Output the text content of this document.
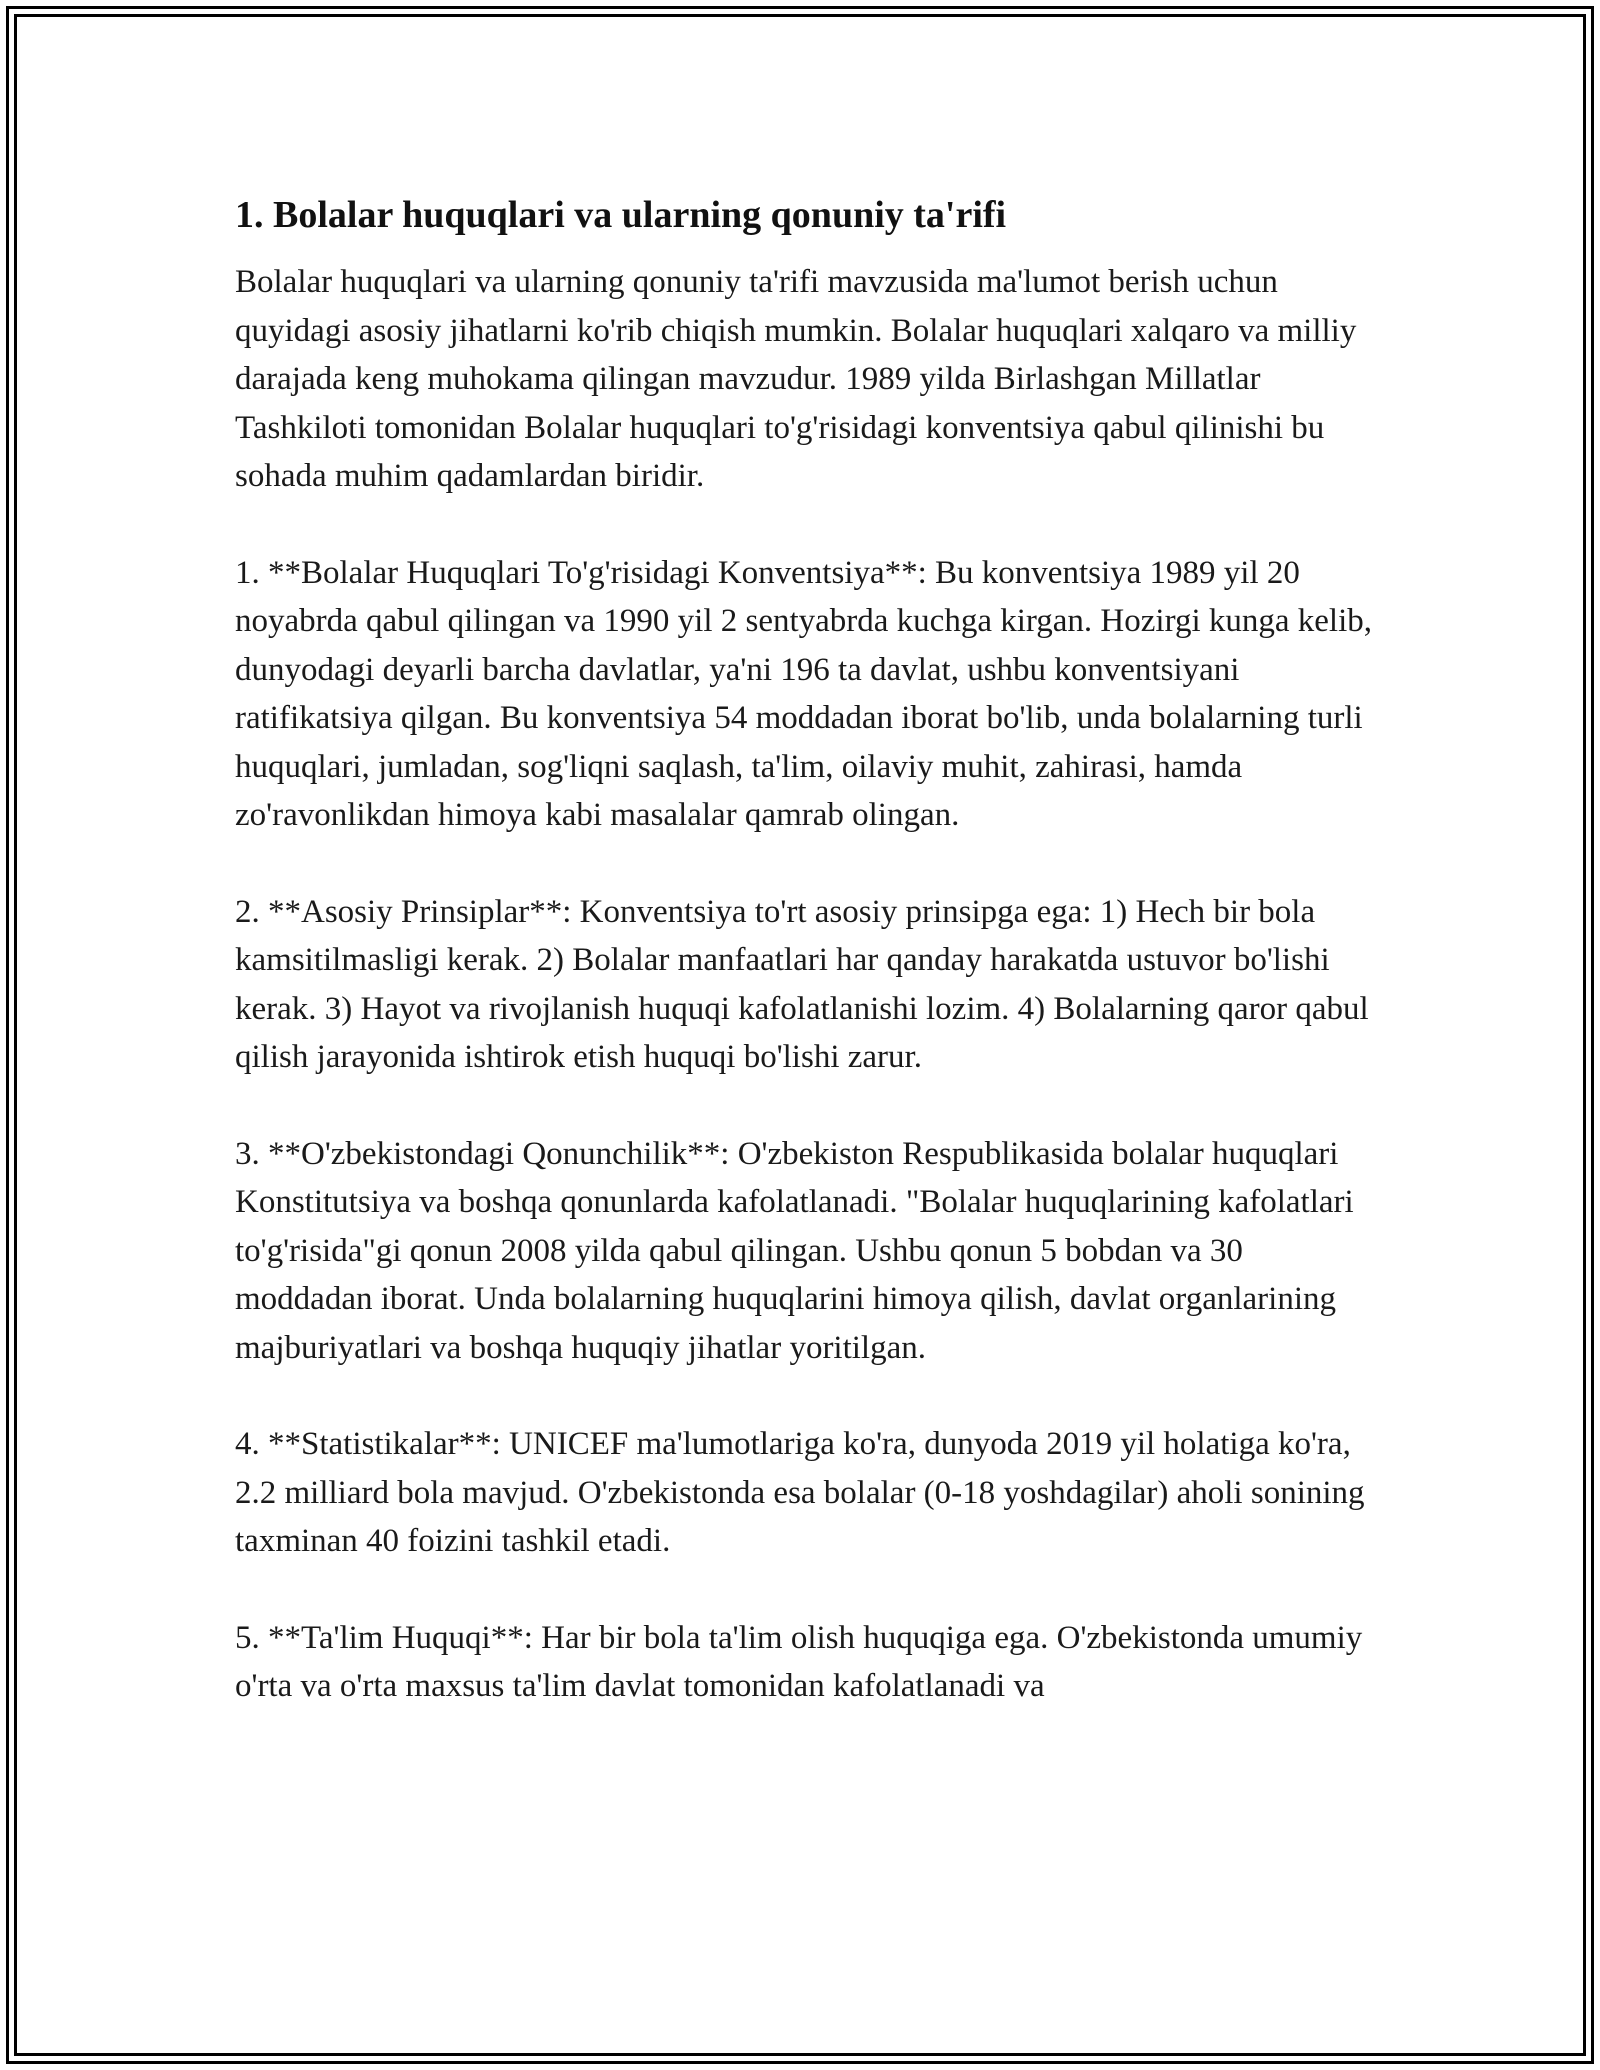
1. Bolalar huquqlari va ularning qonuniy ta'rifi

Bolalar huquqlari va ularning qonuniy ta'rifi mavzusida ma'lumot berish uchun quyidagi asosiy jihatlarni ko'rib chiqish mumkin. Bolalar huquqlari xalqaro va milliy darajada keng muhokama qilingan mavzudur. 1989 yilda Birlashgan Millatlar Tashkiloti tomonidan Bolalar huquqlari to'g'risidagi konventsiya qabul qilinishi bu sohada muhim qadamlardan biridir.

1. **Bolalar Huquqlari To'g'risidagi Konventsiya**: Bu konventsiya 1989 yil 20 noyabrda qabul qilingan va 1990 yil 2 sentyabrda kuchga kirgan. Hozirgi kunga kelib, dunyodagi deyarli barcha davlatlar, ya'ni 196 ta davlat, ushbu konventsiyani ratifikatsiya qilgan. Bu konventsiya 54 moddadan iborat bo'lib, unda bolalarning turli huquqlari, jumladan, sog'liqni saqlash, ta'lim, oilaviy muhit, zahirasi, hamda zo'ravonlikdan himoya kabi masalalar qamrab olingan.

2. **Asosiy Prinsiplar**: Konventsiya to'rt asosiy prinsipga ega: 1) Hech bir bola kamsitilmasligi kerak. 2) Bolalar manfaatlari har qanday harakatda ustuvor bo'lishi kerak. 3) Hayot va rivojlanish huquqi kafolatlanishi lozim. 4) Bolalarning qaror qabul qilish jarayonida ishtirok etish huquqi bo'lishi zarur.

3. **O'zbekistondagi Qonunchilik**: O'zbekiston Respublikasida bolalar huquqlari Konstitutsiya va boshqa qonunlarda kafolatlanadi. "Bolalar huquqlarining kafolatlari to'g'risida"gi qonun 2008 yilda qabul qilingan. Ushbu qonun 5 bobdan va 30 moddadan iborat. Unda bolalarning huquqlarini himoya qilish, davlat organlarining majburiyatlari va boshqa huquqiy jihatlar yoritilgan.

4. **Statistikalar**: UNICEF ma'lumotlariga ko'ra, dunyoda 2019 yil holatiga ko'ra, 2.2 milliard bola mavjud. O'zbekistonda esa bolalar (0-18 yoshdagilar) aholi sonining taxminan 40 foizini tashkil etadi.

5. **Ta'lim Huquqi**: Har bir bola ta'lim olish huquqiga ega. O'zbekistonda umumiy o'rta va o'rta maxsus ta'lim davlat tomonidan kafolatlanadi va
